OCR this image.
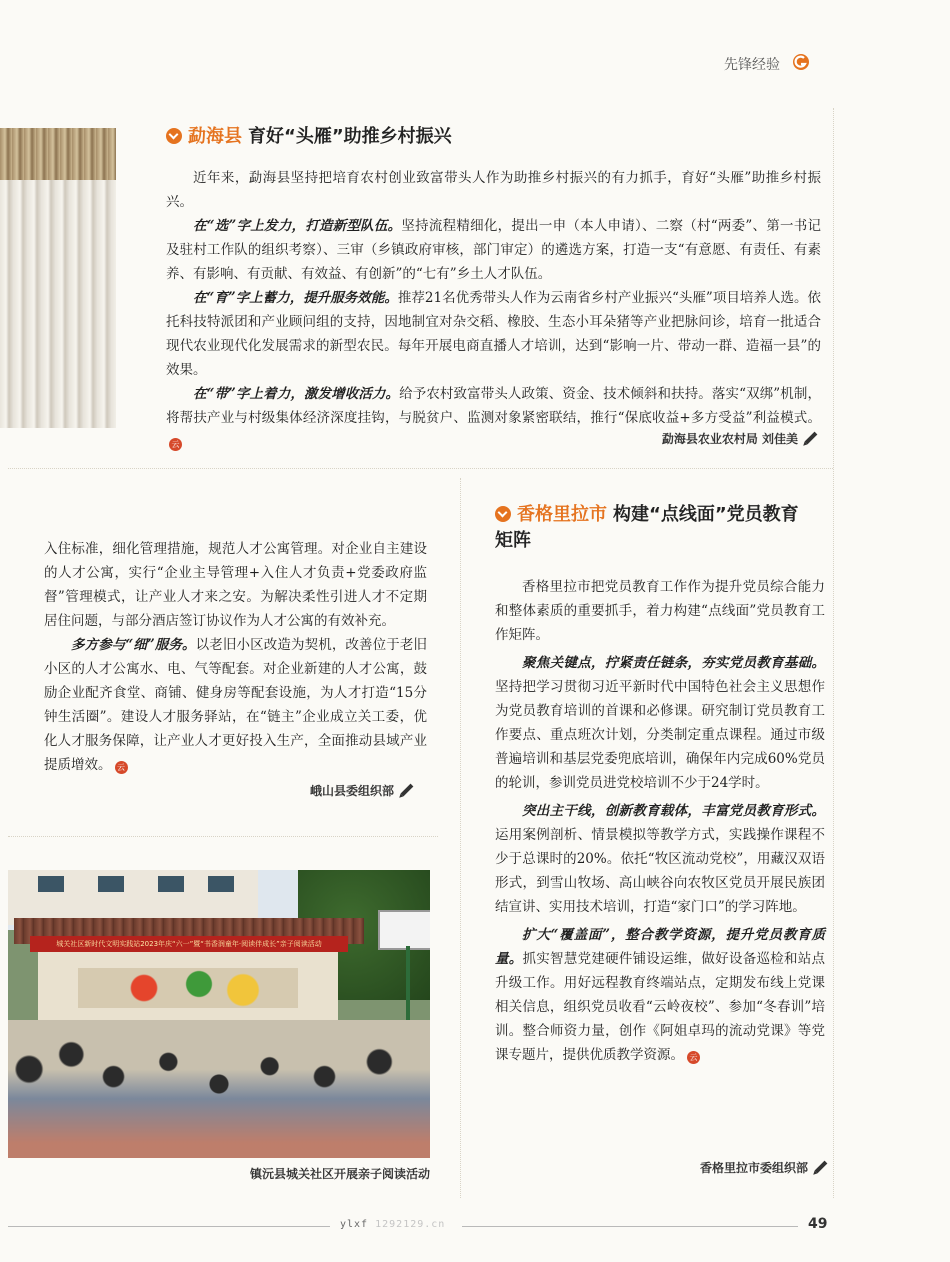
先锋经验
勐海县 育好“头雁”助推乡村振兴

近年来，勐海县坚持把培育农村创业致富带头人作为助推乡村振兴的有力抓手，育好“头雁”助推乡村振兴。

在“选”字上发力，打造新型队伍。坚持流程精细化，提出一申（本人申请）、二察（村“两委”、第一书记及驻村工作队的组织考察）、三审（乡镇政府审核，部门审定）的遴选方案，打造一支“有意愿、有责任、有素养、有影响、有贡献、有效益、有创新”的“七有”乡土人才队伍。

在“育”字上蓄力，提升服务效能。推荐21名优秀带头人作为云南省乡村产业振兴“头雁”项目培养人选。依托科技特派团和产业顾问组的支持，因地制宜对杂交稻、橡胶、生态小耳朵猪等产业把脉问诊，培育一批适合现代农业现代化发展需求的新型农民。每年开展电商直播人才培训，达到“影响一片、带动一群、造福一县”的效果。

在“带”字上着力，激发增收活力。给予农村致富带头人政策、资金、技术倾斜和扶持。落实“双绑”机制，将帮扶产业与村级集体经济深度挂钩，与脱贫户、监测对象紧密联结，推行“保底收益+多方受益”利益模式。云	勐海县农业农村局 刘佳美

入住标准，细化管理措施，规范人才公寓管理。对企业自主建设的人才公寓，实行“企业主导管理+入住人才负责+党委政府监督”管理模式，让产业人才来之安。为解决柔性引进人才不定期居住问题，与部分酒店签订协议作为人才公寓的有效补充。

多方参与“细”服务。以老旧小区改造为契机，改善位于老旧小区的人才公寓水、电、气等配套。对企业新建的人才公寓，鼓励企业配齐食堂、商铺、健身房等配套设施，为人才打造“15分钟生活圈”。建设人才服务驿站，在“链主”企业成立关工委，优化人才服务保障，让产业人才更好投入生产，全面推动县域产业提质增效。 云

峨山县委组织部
城关社区新时代文明实践站2023年庆“六一”暨“书香润童年·阅读伴成长”亲子阅读活动
镇沅县城关社区开展亲子阅读活动
香格里拉市 构建“点线面”党员教育
矩阵

香格里拉市把党员教育工作作为提升党员综合能力和整体素质的重要抓手，着力构建“点线面”党员教育工作矩阵。

聚焦关键点，拧紧责任链条，夯实党员教育基础。坚持把学习贯彻习近平新时代中国特色社会主义思想作为党员教育培训的首课和必修课。研究制订党员教育工作要点、重点班次计划，分类制定重点课程。通过市级普遍培训和基层党委兜底培训，确保年内完成60%党员的轮训，参训党员进党校培训不少于24学时。

突出主干线，创新教育载体，丰富党员教育形式。运用案例剖析、情景模拟等教学方式，实践操作课程不少于总课时的20%。依托“牧区流动党校”，用藏汉双语形式，到雪山牧场、高山峡谷向农牧区党员开展民族团结宣讲、实用技术培训，打造“家门口”的学习阵地。

扩大“覆盖面”，整合教学资源，提升党员教育质量。抓实智慧党建硬件铺设运维，做好设备巡检和站点升级工作。用好远程教育终端站点，定期发布线上党课相关信息，组织党员收看“云岭夜校”、参加“冬春训”培训。整合师资力量，创作《阿姐卓玛的流动党课》等党课专题片，提供优质教学资源。 云

香格里拉市委组织部
ylxf 1292129.cn	49
